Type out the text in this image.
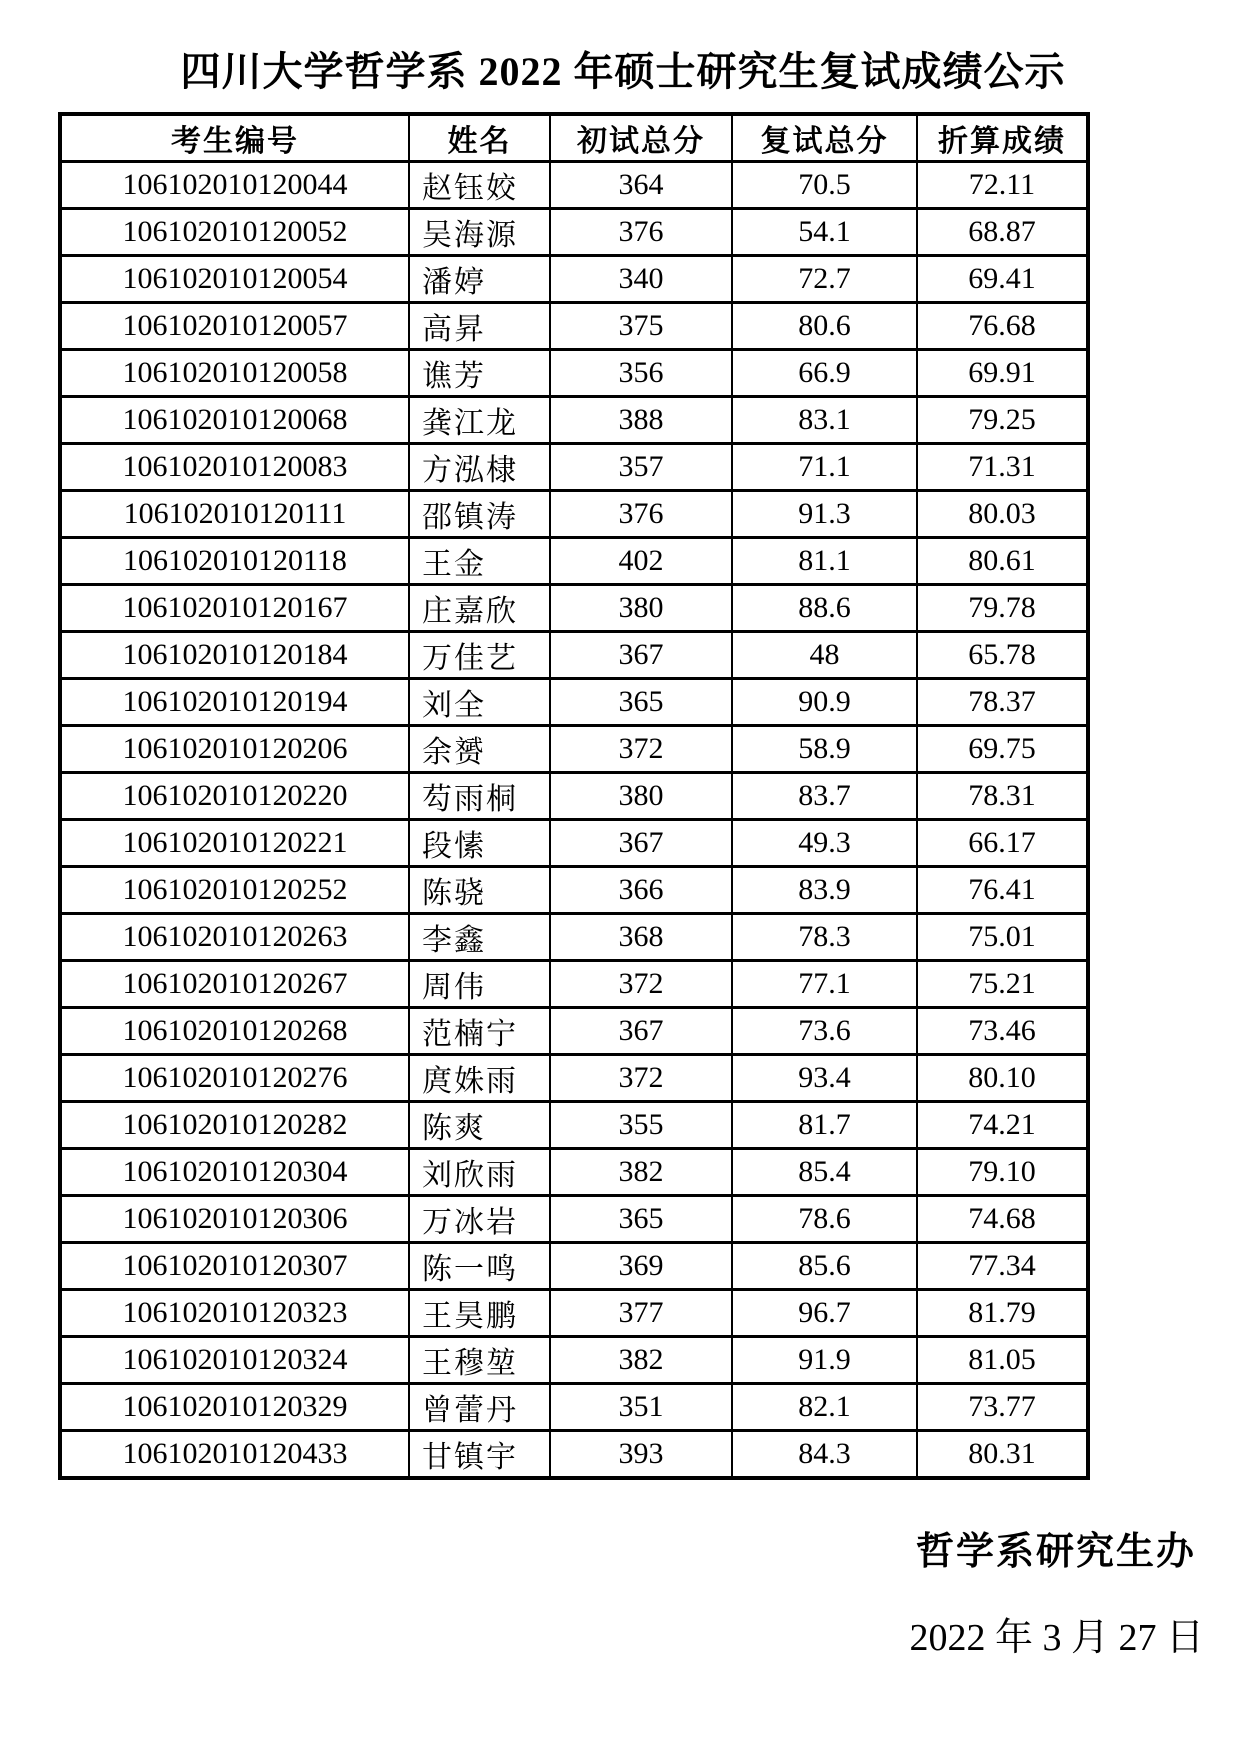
四川大学哲学系 2022 年硕士研究生复试成绩公示
考生编号	姓名	初试总分	复试总分	折算成绩
106102010120044	赵钰姣	364	70.5	72.11
106102010120052	吴海源	376	54.1	68.87
106102010120054	潘婷	340	72.7	69.41
106102010120057	高昇	375	80.6	76.68
106102010120058	谯芳	356	66.9	69.91
106102010120068	龚江龙	388	83.1	79.25
106102010120083	方泓棣	357	71.1	71.31
106102010120111	邵镇涛	376	91.3	80.03
106102010120118	王金	402	81.1	80.61
106102010120167	庄嘉欣	380	88.6	79.78
106102010120184	万佳艺	367	48	65.78
106102010120194	刘全	365	90.9	78.37
106102010120206	余赟	372	58.9	69.75
106102010120220	芶雨桐	380	83.7	78.31
106102010120221	段愫	367	49.3	66.17
106102010120252	陈骁	366	83.9	76.41
106102010120263	李鑫	368	78.3	75.01
106102010120267	周伟	372	77.1	75.21
106102010120268	范楠宁	367	73.6	73.46
106102010120276	庹姝雨	372	93.4	80.10
106102010120282	陈爽	355	81.7	74.21
106102010120304	刘欣雨	382	85.4	79.10
106102010120306	万冰岩	365	78.6	74.68
106102010120307	陈一鸣	369	85.6	77.34
106102010120323	王昊鹏	377	96.7	81.79
106102010120324	王穆堃	382	91.9	81.05
106102010120329	曾蕾丹	351	82.1	73.77
106102010120433	甘镇宇	393	84.3	80.31
哲学系研究生办
2022 年 3 月 27 日
